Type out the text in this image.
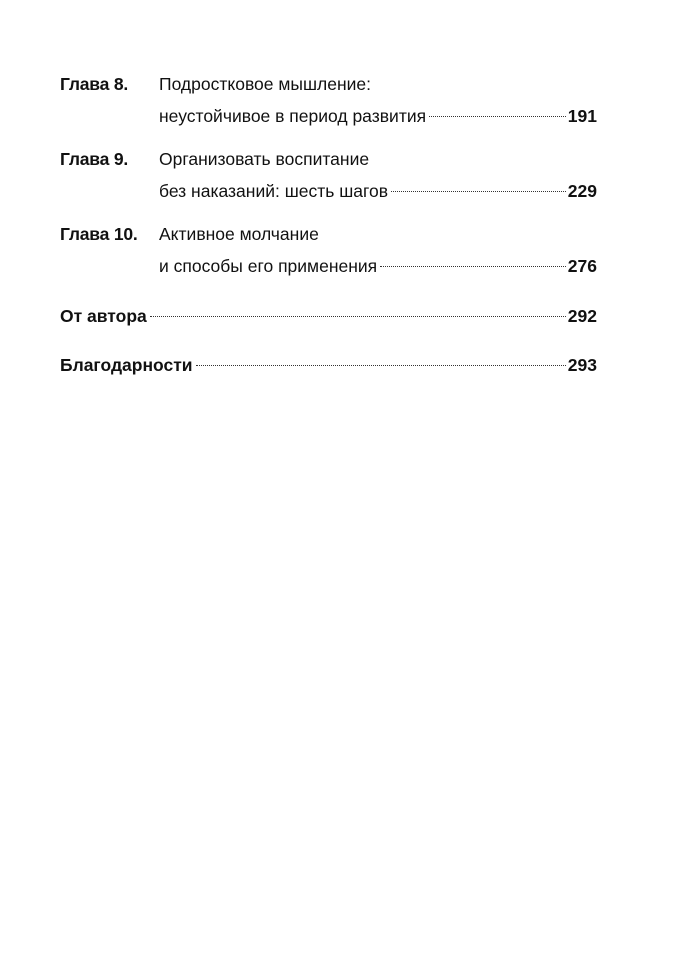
Глава 8.	Подростковое мышление:
неустойчивое в период развития	191
Глава 9.	Организовать воспитание
без наказаний: шесть шагов	229
Глава 10.	Активное молчание
и способы его применения	276
От автора	292
Благодарности	293
